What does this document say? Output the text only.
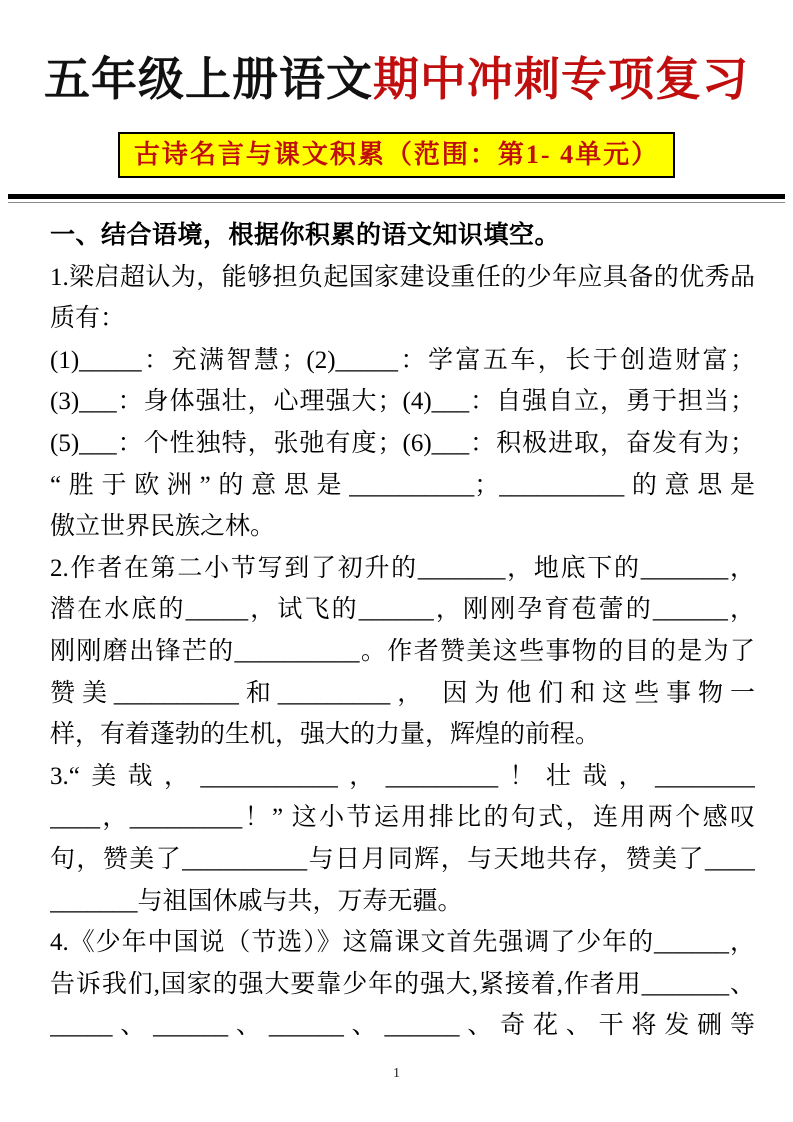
五年级上册语文期中冲刺专项复习
古诗名言与课文积累（范围：第1- 4单元）
一、结合语境，根据你积累的语文知识填空。
1.梁启超认为，能够担负起国家建设重任的少年应具备的优秀品
质有：
(1)_____：充满智慧；(2)_____：学富五车，长于创造财富；
(3)___：身体强壮，心理强大；(4)___：自强自立，勇于担当；
(5)___：个性独特，张弛有度；(6)___：积极进取，奋发有为；
“胜于欧洲”的意思是__________；__________的意思是
傲立世界民族之林。
2.作者在第二小节写到了初升的_______，地底下的_______，
潜在水底的_____，试飞的______，刚刚孕育苞蕾的______，
刚刚磨出锋芒的__________。作者赞美这些事物的目的是为了
赞美__________和_________， 因为他们和这些事物一
样，有着蓬勃的生机，强大的力量，辉煌的前程。
3.“美哉，___________，_________！壮哉，________
____，_________！” 这小节运用排比的句式，连用两个感叹
句，赞美了__________与日月同辉，与天地共存，赞美了____
_______与祖国休戚与共，万寿无疆。
4.《少年中国说（节选）》这篇课文首先强调了少年的______，
告诉我们,国家的强大要靠少年的强大,紧接着,作者用_______、
_____、______、______、______、奇花、干将发硎等
1
